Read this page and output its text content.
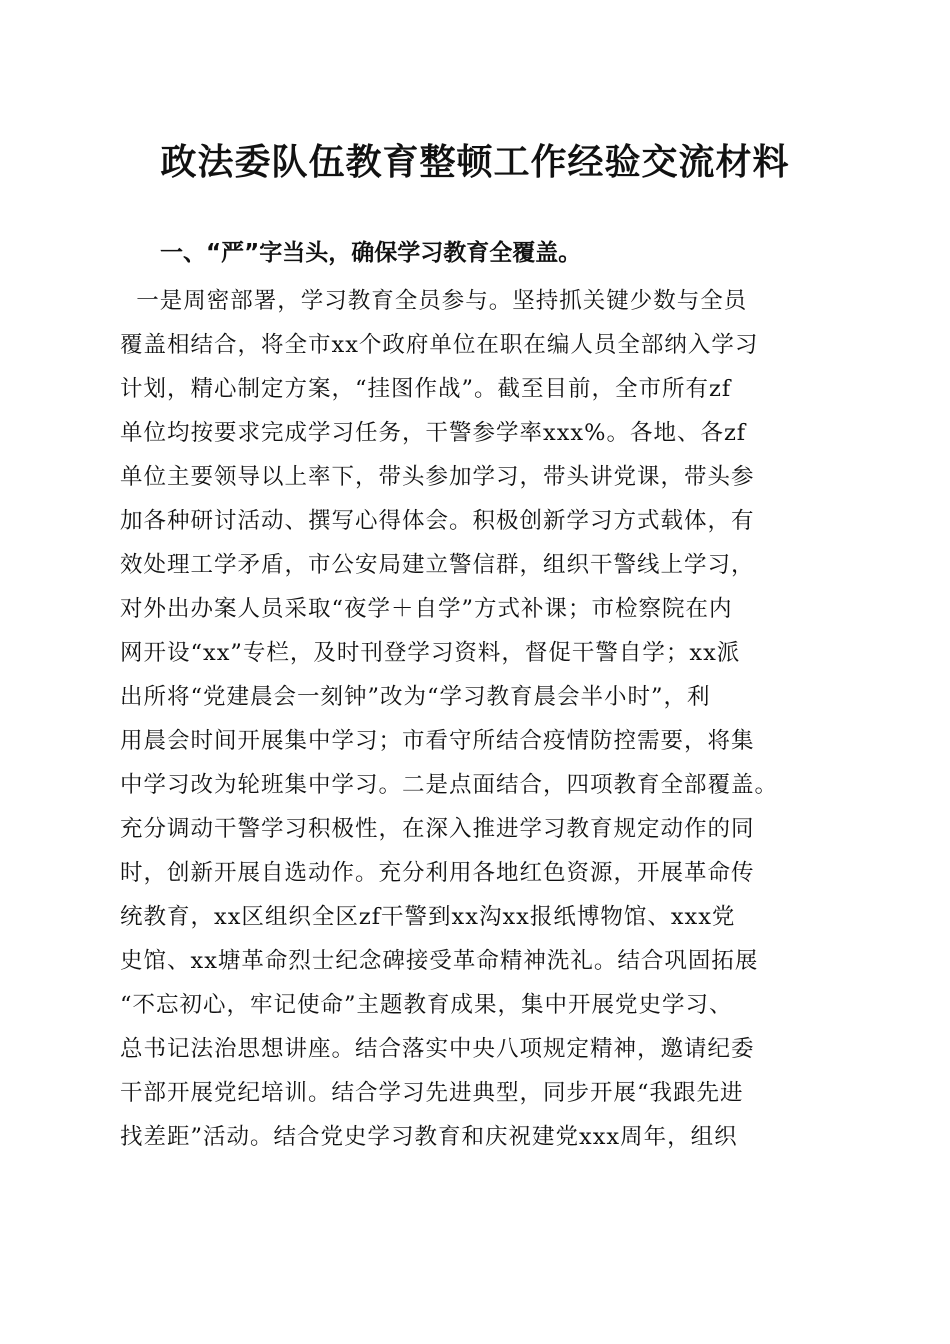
政法委队伍教育整顿工作经验交流材料
一、“严”字当头，确保学习教育全覆盖。
一是周密部署，学习教育全员参与。坚持抓关键少数与全员
覆盖相结合，将全市xx个政府单位在职在编人员全部纳入学习
计划，精心制定方案，“挂图作战”。截至目前，全市所有zf
单位均按要求完成学习任务，干警参学率xxx%。各地、各zf
单位主要领导以上率下，带头参加学习，带头讲党课，带头参
加各种研讨活动、撰写心得体会。积极创新学习方式载体，有
效处理工学矛盾，市公安局建立警信群，组织干警线上学习，
对外出办案人员采取“夜学＋自学”方式补课；市检察院在内
网开设“xx”专栏，及时刊登学习资料，督促干警自学；xx派
出所将“党建晨会一刻钟”改为“学习教育晨会半小时”，利
用晨会时间开展集中学习；市看守所结合疫情防控需要，将集
中学习改为轮班集中学习。二是点面结合，四项教育全部覆盖。
充分调动干警学习积极性，在深入推进学习教育规定动作的同
时，创新开展自选动作。充分利用各地红色资源，开展革命传
统教育，xx区组织全区zf干警到xx沟xx报纸博物馆、xxx党
史馆、xx塘革命烈士纪念碑接受革命精神洗礼。结合巩固拓展
“不忘初心，牢记使命”主题教育成果，集中开展党史学习、
总书记法治思想讲座。结合落实中央八项规定精神，邀请纪委
干部开展党纪培训。结合学习先进典型，同步开展“我跟先进
找差距”活动。结合党史学习教育和庆祝建党xxx周年，组织
